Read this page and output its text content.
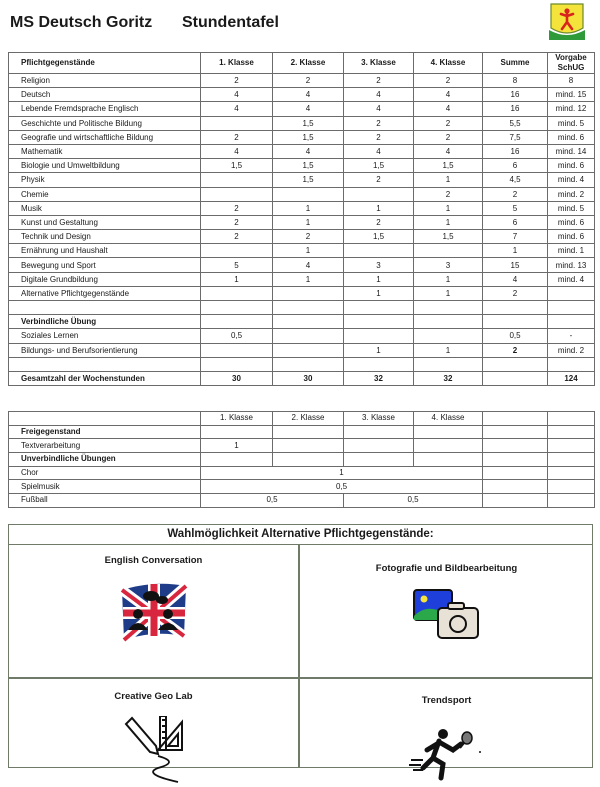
MS Deutsch Goritz Stundentafel
Pflichtgegenstände	1. Klasse	2. Klasse	3. Klasse	4. Klasse	Summe	Vorgabe
SchUG
Religion	2	2	2	2	8	8
Deutsch	4	4	4	4	16	mind. 15
Lebende Fremdsprache Englisch	4	4	4	4	16	mind. 12
Geschichte und Politische Bildung		1,5	2	2	5,5	mind. 5
Geografie und wirtschaftliche Bildung	2	1,5	2	2	7,5	mind. 6
Mathematik	4	4	4	4	16	mind. 14
Biologie und Umweltbildung	1,5	1,5	1,5	1,5	6	mind. 6
Physik		1,5	2	1	4,5	mind. 4
Chemie				2	2	mind. 2
Musik	2	1	1	1	5	mind. 5
Kunst und Gestaltung	2	1	2	1	6	mind. 6
Technik und Design	2	2	1,5	1,5	7	mind. 6
Ernährung und Haushalt		1			1	mind. 1
Bewegung und Sport	5	4	3	3	15	mind. 13
Digitale Grundbildung	1	1	1	1	4	mind. 4
Alternative Pflichtgegenstände			1	1	2	

Verbindliche Übung						
Soziales Lernen	0,5				0,5	-
Bildungs- und Berufsorientierung			1	1	2	mind. 2

Gesamtzahl der Wochenstunden	30	30	32	32		124
	1. Klasse	2. Klasse	3. Klasse	4. Klasse		
Freigegenstand						
Textverarbeitung	1					
Unverbindliche Übungen						
Chor	1					
Spielmusik	0,5					
Fußball	0,5		0,5			
Wahlmöglichkeit Alternative Pflichtgegenstände:
English Conversation
Fotografie und Bildbearbeitung
Creative Geo Lab	Trendsport
